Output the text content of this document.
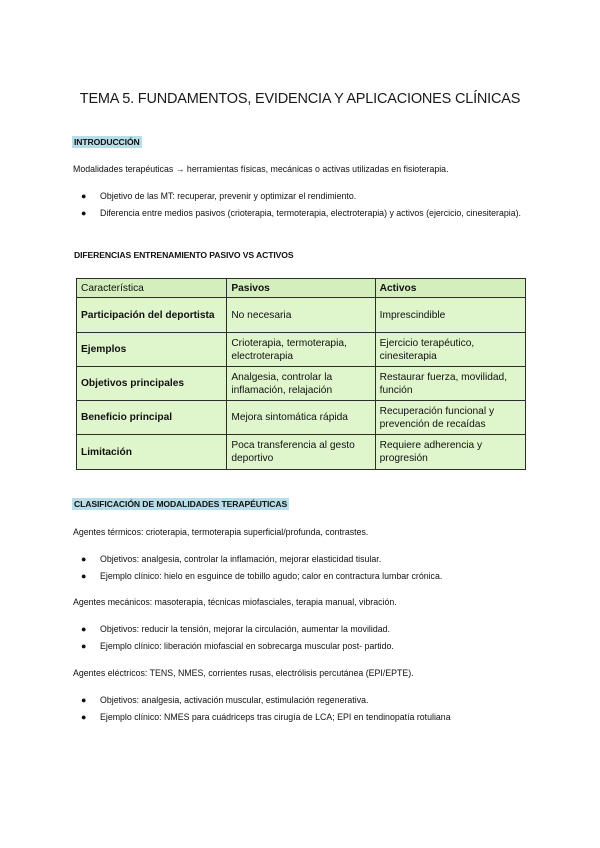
TEMA 5. FUNDAMENTOS, EVIDENCIA Y APLICACIONES CLÍNICAS
INTRODUCCIÓN
Modalidades terapéuticas → herramientas físicas, mecánicas o activas utilizadas en fisioterapia.
● Objetivo de las MT: recuperar, prevenir y optimizar el rendimiento.
● Diferencia entre medios pasivos (crioterapia, termoterapia, electroterapia) y activos (ejercicio, cinesiterapia).
DIFERENCIAS ENTRENAMIENTO PASIVO VS ACTIVOS
Característica	Pasivos	Activos
Participación del deportista	No necesaria	Imprescindible
Ejemplos	Crioterapia, termoterapia, electroterapia	Ejercicio terapéutico, cinesiterapia
Objetivos principales	Analgesia, controlar la inflamación, relajación	Restaurar fuerza, movilidad, función
Beneficio principal	Mejora sintomática rápida	Recuperación funcional y prevención de recaídas
Limitación	Poca transferencia al gesto deportivo	Requiere adherencia y progresión
CLASIFICACIÓN DE MODALIDADES TERAPÉUTICAS
Agentes térmicos: crioterapia, termoterapia superficial/profunda, contrastes.
● Objetivos: analgesia, controlar la inflamación, mejorar elasticidad tisular.
● Ejemplo clínico: hielo en esguince de tobillo agudo; calor en contractura lumbar crónica.
Agentes mecánicos: masoterapia, técnicas miofasciales, terapia manual, vibración.
● Objetivos: reducir la tensión, mejorar la circulación, aumentar la movilidad.
● Ejemplo clínico: liberación miofascial en sobrecarga muscular post- partido.
Agentes eléctricos: TENS, NMES, corrientes rusas, electrólisis percutánea (EPI/EPTE).
● Objetivos: analgesia, activación muscular, estimulación regenerativa.
● Ejemplo clínico: NMES para cuádriceps tras cirugía de LCA; EPI en tendinopatía rotuliana
